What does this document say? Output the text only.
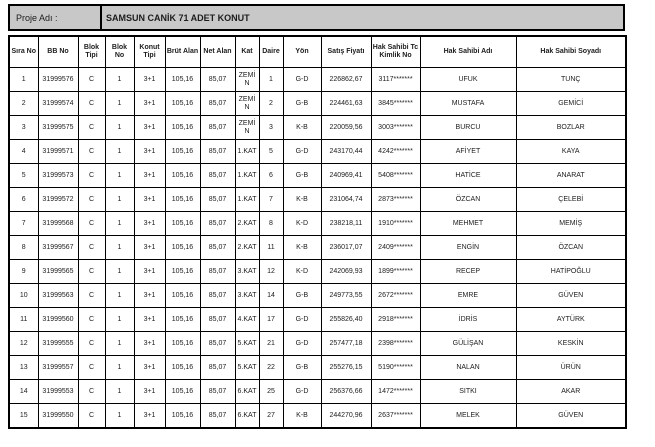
Proje Adı :	SAMSUN CANİK 71 ADET KONUT
Sıra No	BB No	Blok Tipi	Blok No	Konut Tipi	Brüt Alan	Net Alan	Kat	Daire	Yön	Satış Fiyatı	Hak Sahibi Tc Kimlik No	Hak Sahibi Adı	Hak Sahibi Soyadı
1	31999576	C	1	3+1	105,16	85,07	ZEMİN	1	G-D	226862,67	3117*******	UFUK	TUNÇ
2	31999574	C	1	3+1	105,16	85,07	ZEMİN	2	G-B	224461,63	3845*******	MUSTAFA	GEMİCİ
3	31999575	C	1	3+1	105,16	85,07	ZEMİN	3	K-B	220059,56	3003*******	BURCU	BOZLAR
4	31999571	C	1	3+1	105,16	85,07	1.KAT	5	G-D	243170,44	4242*******	AFİYET	KAYA
5	31999573	C	1	3+1	105,16	85,07	1.KAT	6	G-B	240969,41	5408*******	HATİCE	ANARAT
6	31999572	C	1	3+1	105,16	85,07	1.KAT	7	K-B	231064,74	2873*******	ÖZCAN	ÇELEBİ
7	31999568	C	1	3+1	105,16	85,07	2.KAT	8	K-D	238218,11	1910*******	MEHMET	MEMİŞ
8	31999567	C	1	3+1	105,16	85,07	2.KAT	11	K-B	236017,07	2409*******	ENGİN	ÖZCAN
9	31999565	C	1	3+1	105,16	85,07	3.KAT	12	K-D	242069,93	1899*******	RECEP	HATİPOĞLU
10	31999563	C	1	3+1	105,16	85,07	3.KAT	14	G-B	249773,55	2672*******	EMRE	GÜVEN
11	31999560	C	1	3+1	105,16	85,07	4.KAT	17	G-D	255826,40	2918*******	İDRİS	AYTÜRK
12	31999555	C	1	3+1	105,16	85,07	5.KAT	21	G-D	257477,18	2398*******	GÜLİŞAN	KESKİN
13	31999557	C	1	3+1	105,16	85,07	5.KAT	22	G-B	255276,15	5190*******	NALAN	ÜRÜN
14	31999553	C	1	3+1	105,16	85,07	6.KAT	25	G-D	256376,66	1472*******	SITKI	AKAR
15	31999550	C	1	3+1	105,16	85,07	6.KAT	27	K-B	244270,96	2637*******	MELEK	GÜVEN
